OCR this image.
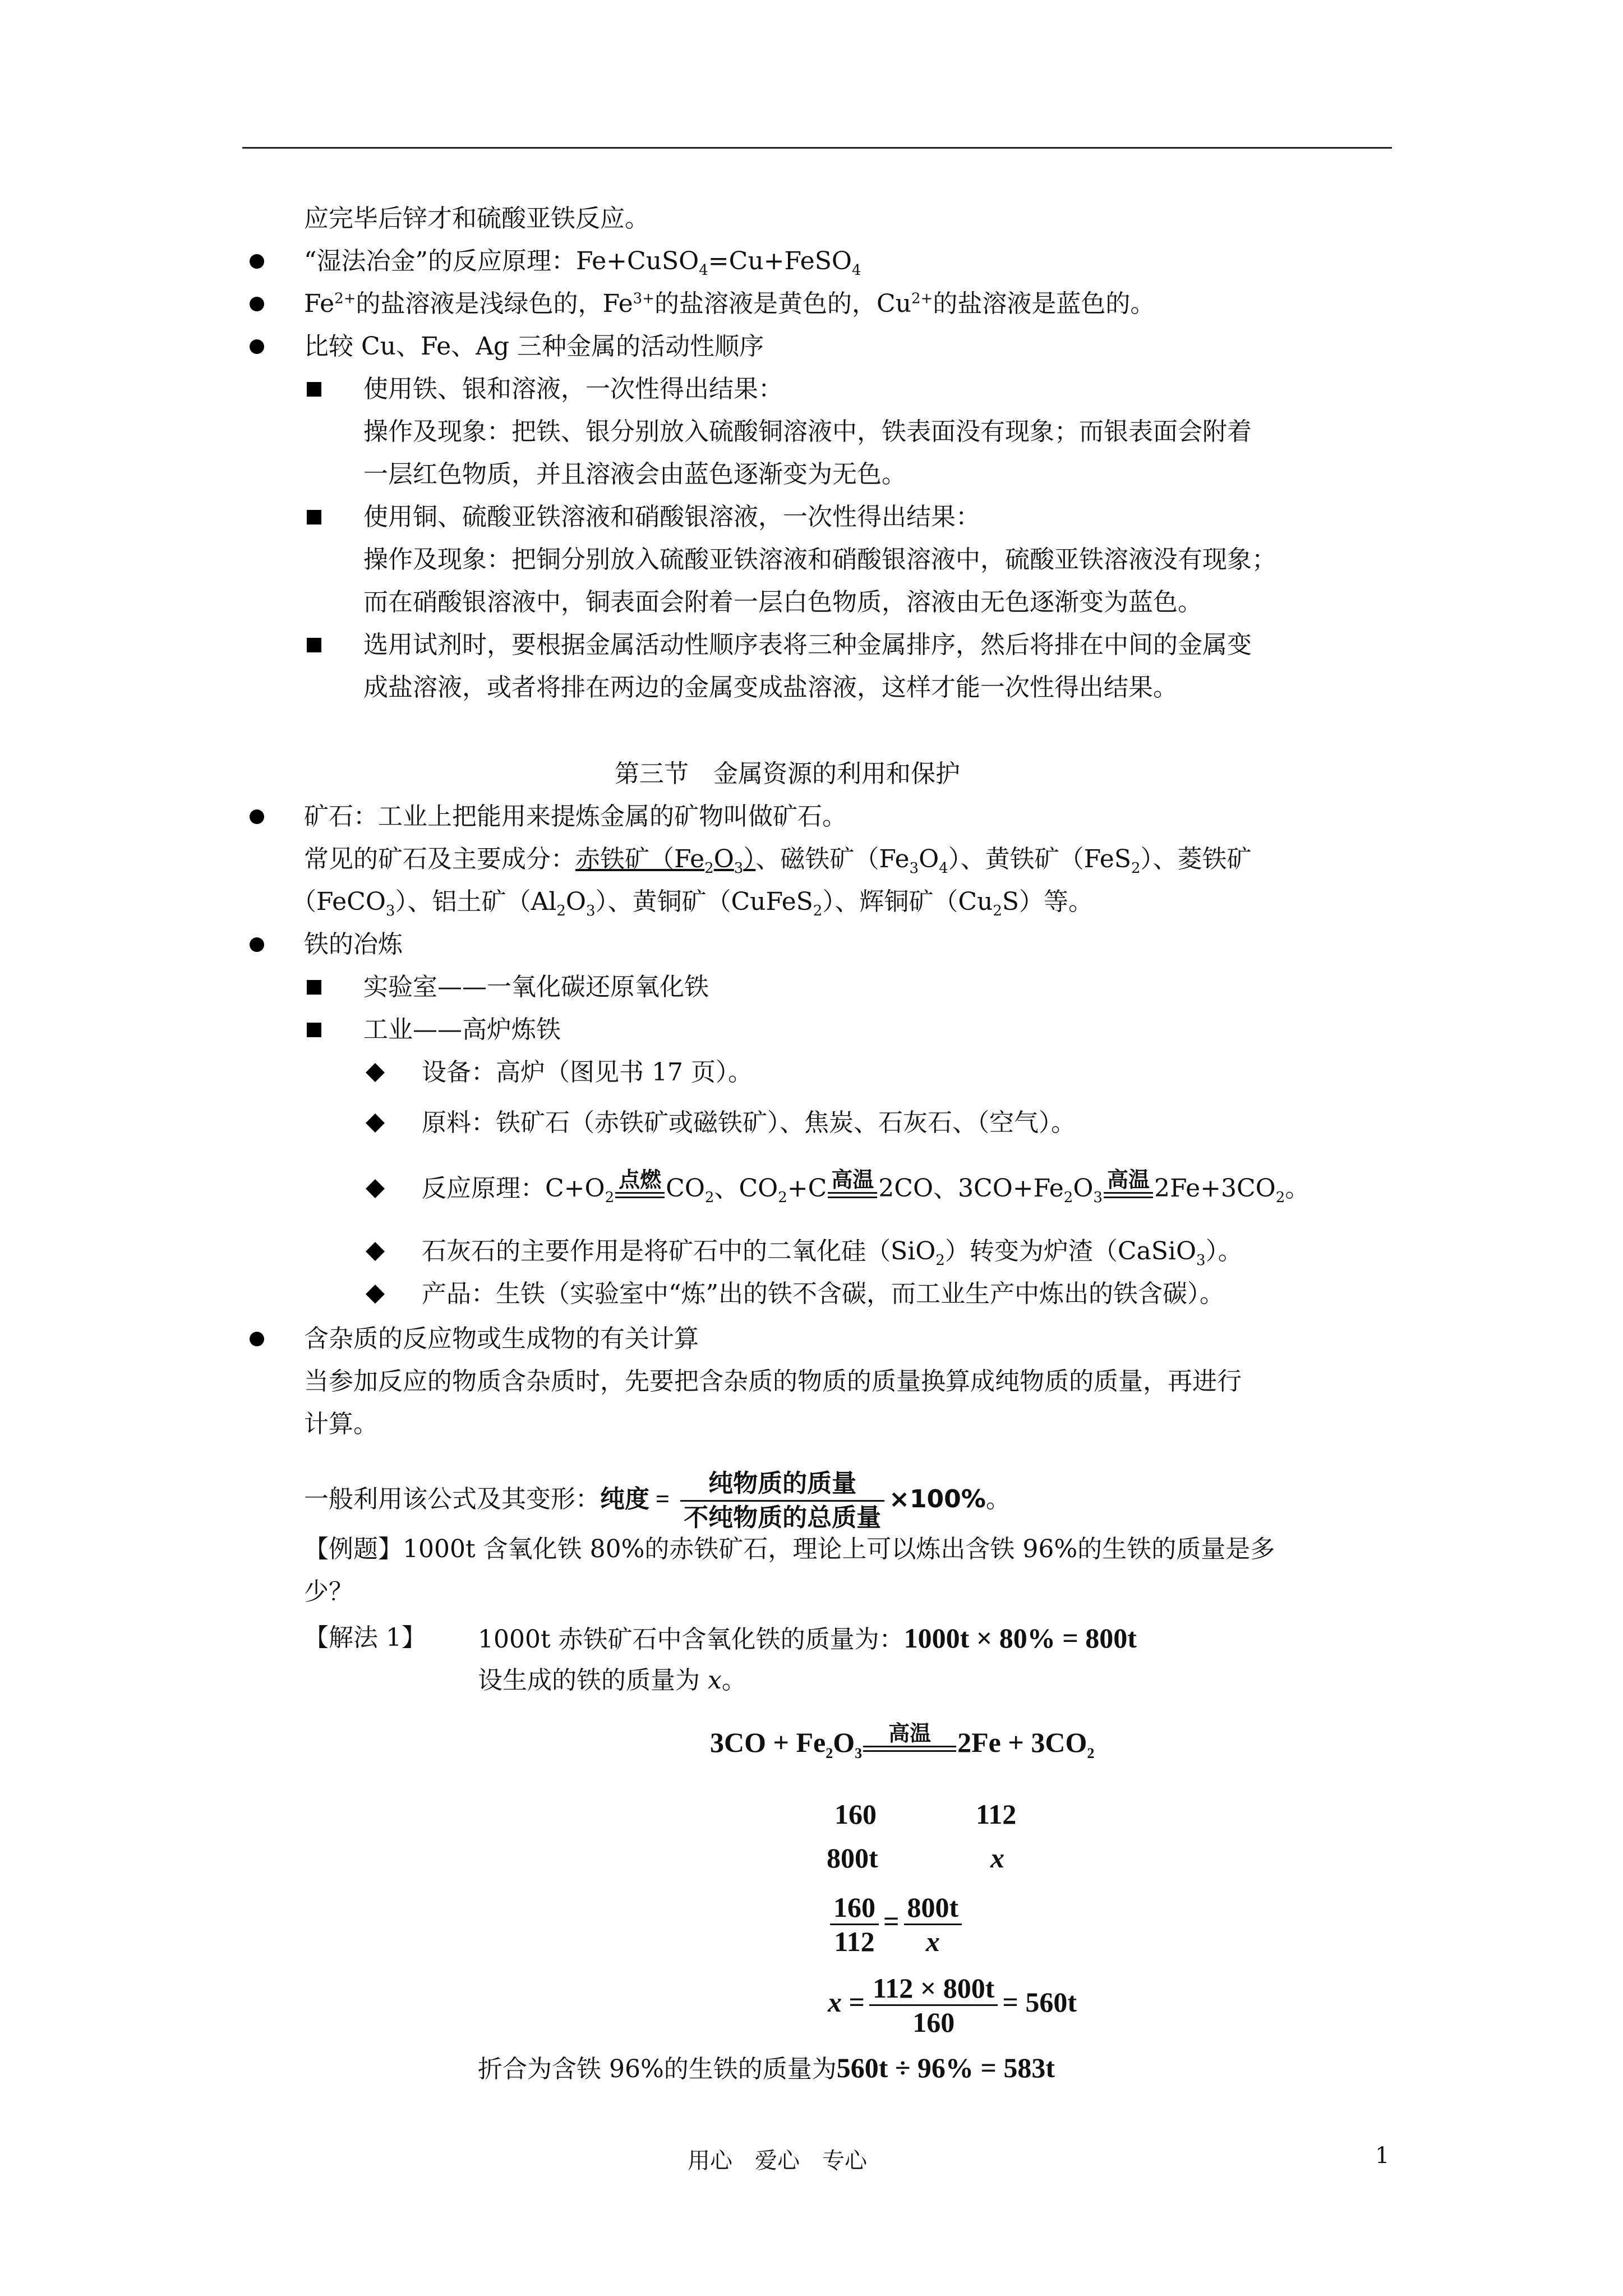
应完毕后锌才和硫酸亚铁反应。
“湿法冶金”的反应原理：Fe+CuSO$_4$=Cu+FeSO$_4$
$Fe^{2+}$的盐溶液是浅绿色的，$Fe^{3+}$的盐溶液是黄色的，$Cu^{2+}$的盐溶液是蓝色的。
比较 Cu、Fe、Ag 三种金属的活动性顺序
使用铁、银和溶液，一次性得出结果：
操作及现象：把铁、银分别放入硫酸铜溶液中，铁表面没有现象；而银表面会附着
一层红色物质，并且溶液会由蓝色逐渐变为无色。
使用铜、硫酸亚铁溶液和硝酸银溶液，一次性得出结果：
操作及现象：把铜分别放入硫酸亚铁溶液和硝酸银溶液中，硫酸亚铁溶液没有现象；
而在硝酸银溶液中，铜表面会附着一层白色物质，溶液由无色逐渐变为蓝色。
选用试剂时，要根据金属活动性顺序表将三种金属排序，然后将排在中间的金属变
成盐溶液，或者将排在两边的金属变成盐溶液，这样才能一次性得出结果。
第三节　金属资源的利用和保护
矿石：工业上把能用来提炼金属的矿物叫做矿石。
常见的矿石及主要成分：赤铁矿$(Fe_2O_3)$、磁铁矿$(Fe_3O_4)$、黄铁矿（FeS$_2$）、菱铁矿
（FeCO$_3$）、铝土矿$(Al_2O_3)$、黄铜矿（CuFeS$_2$）、辉铜矿$(Cu_2S)$等。
铁的冶炼
实验室——一氧化碳还原氧化铁
工业——高炉炼铁
设备：高炉（图见书 17 页）。
原料：铁矿石（赤铁矿或磁铁矿）、焦炭、石灰石、（空气）。
反应原理：$C+O_2$
点燃 $CO_2$、$CO_2+C$ 高温 2CO、$3CO+Fe_2O_3$
高温 $2Fe+3CO_2$。
石灰石的主要作用是将矿石中的二氧化硅（SiO$_2$）转变为炉渣（CaSiO$_3$）。
产品：生铁（实验室中“炼”出的铁不含碳，而工业生产中炼出的铁含碳）。
含杂质的反应物或生成物的有关计算
当参加反应的物质含杂质时，先要把含杂质的物质的质量换算成纯物质的质量，再进行
计算。
一般利用该公式及其变形：纯度 = $\frac{\text{纯物质的质量}}{\text{不纯物质的总质量}} \times 100\%$。
【例题】1000t 含氧化铁 80%的赤铁矿石，理论上可以炼出含铁 96%的生铁的质量是多
少？
【解法 1】 1000t 赤铁矿石中含氧化铁的质量为：1000t × 80% = 800t
设生成的铁的质量为 x。
$3CO + Fe_2O_3$
高温 $2Fe + 3CO_2$
160	112
800t	x
$\frac{160}{112} = \frac{800t}{x}$
$x = \frac{112 \times 800t}{160} = 560t$
折合为含铁 96%的生铁的质量为560t ÷ 96% = 583t
用心　爱心　专心	1
